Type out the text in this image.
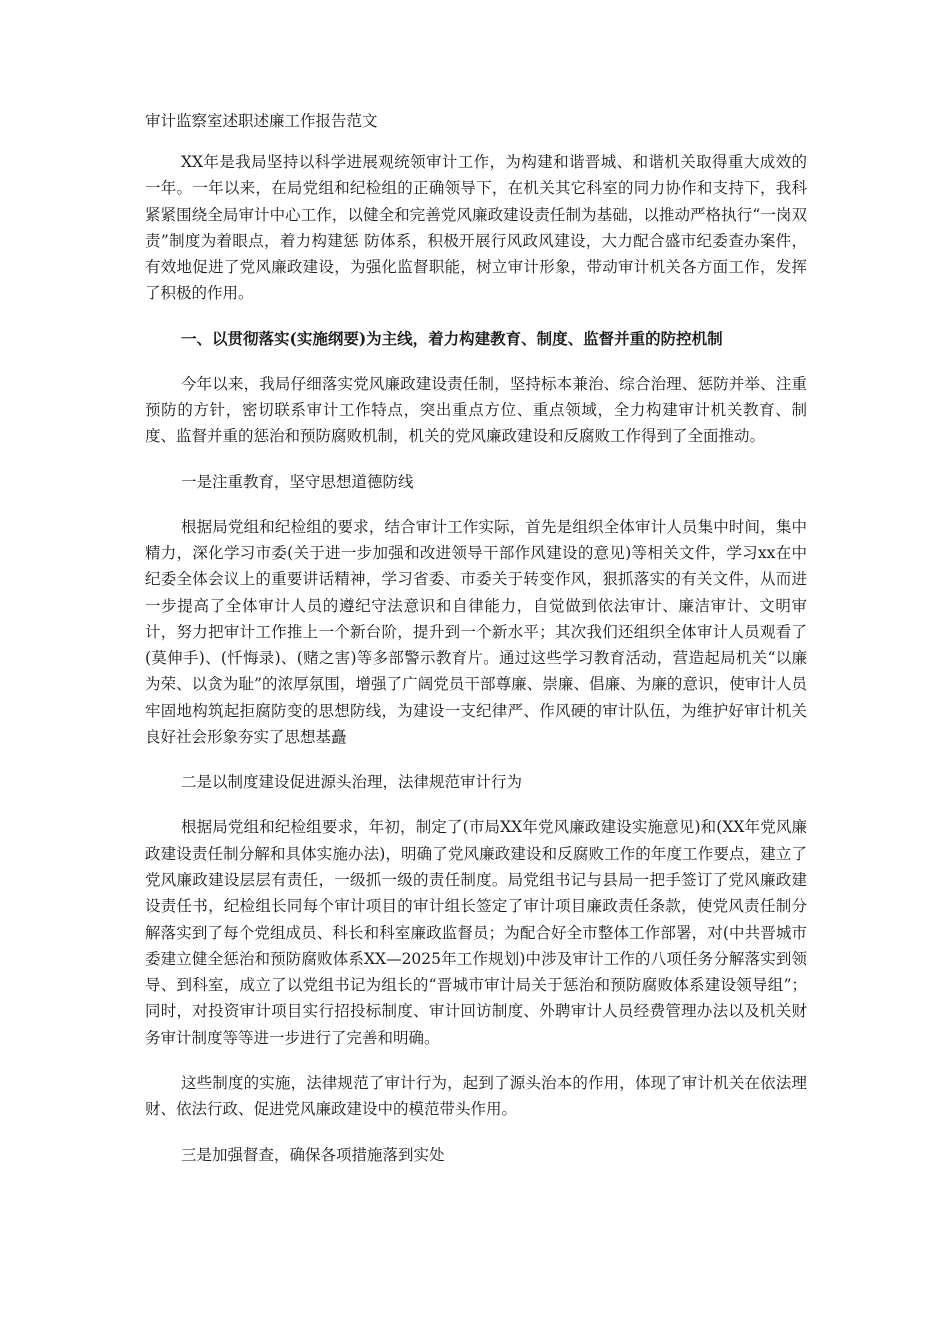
审计监察室述职述廉工作报告范文

XX年是我局坚持以科学进展观统领审计工作，为构建和谐晋城、和谐机关取得重大成效的一年。一年以来，在局党组和纪检组的正确领导下，在机关其它科室的同力协作和支持下，我科紧紧围绕全局审计中心工作，以健全和完善党风廉政建设责任制为基础，以推动严格执行“一岗双责”制度为着眼点，着力构建惩 防体系，积极开展行风政风建设，大力配合盛市纪委查办案件，有效地促进了党风廉政建设，为强化监督职能，树立审计形象，带动审计机关各方面工作，发挥了积极的作用。

一、以贯彻落实(实施纲要)为主线，着力构建教育、制度、监督并重的防控机制

今年以来，我局仔细落实党风廉政建设责任制，坚持标本兼治、综合治理、惩防并举、注重预防的方针，密切联系审计工作特点，突出重点方位、重点领域，全力构建审计机关教育、制度、监督并重的惩治和预防腐败机制，机关的党风廉政建设和反腐败工作得到了全面推动。

一是注重教育，坚守思想道德防线

根据局党组和纪检组的要求，结合审计工作实际，首先是组织全体审计人员集中时间，集中精力，深化学习市委(关于进一步加强和改进领导干部作风建设的意见)等相关文件，学习xx在中纪委全体会议上的重要讲话精神，学习省委、市委关于转变作风，狠抓落实的有关文件，从而进一步提高了全体审计人员的遵纪守法意识和自律能力，自觉做到依法审计、廉洁审计、文明审计，努力把审计工作推上一个新台阶，提升到一个新水平；其次我们还组织全体审计人员观看了(莫伸手)、(忏悔录)、(赌之害)等多部警示教育片。通过这些学习教育活动，营造起局机关“以廉为荣、以贪为耻”的浓厚氛围，增强了广阔党员干部尊廉、崇廉、倡廉、为廉的意识，使审计人员牢固地构筑起拒腐防变的思想防线，为建设一支纪律严、作风硬的审计队伍，为维护好审计机关良好社会形象夯实了思想基矗

二是以制度建设促进源头治理，法律规范审计行为

根据局党组和纪检组要求，年初，制定了(市局XX年党风廉政建设实施意见)和(XX年党风廉政建设责任制分解和具体实施办法)，明确了党风廉政建设和反腐败工作的年度工作要点，建立了党风廉政建设层层有责任，一级抓一级的责任制度。局党组书记与县局一把手签订了党风廉政建设责任书，纪检组长同每个审计项目的审计组长签定了审计项目廉政责任条款，使党风责任制分解落实到了每个党组成员、科长和科室廉政监督员；为配合好全市整体工作部署，对(中共晋城市委建立健全惩治和预防腐败体系XX—2025年工作规划)中涉及审计工作的八项任务分解落实到领导、到科室，成立了以党组书记为组长的“晋城市审计局关于惩治和预防腐败体系建设领导组”；同时，对投资审计项目实行招投标制度、审计回访制度、外聘审计人员经费管理办法以及机关财务审计制度等等进一步进行了完善和明确。

这些制度的实施，法律规范了审计行为，起到了源头治本的作用，体现了审计机关在依法理财、依法行政、促进党风廉政建设中的模范带头作用。

三是加强督查，确保各项措施落到实处
